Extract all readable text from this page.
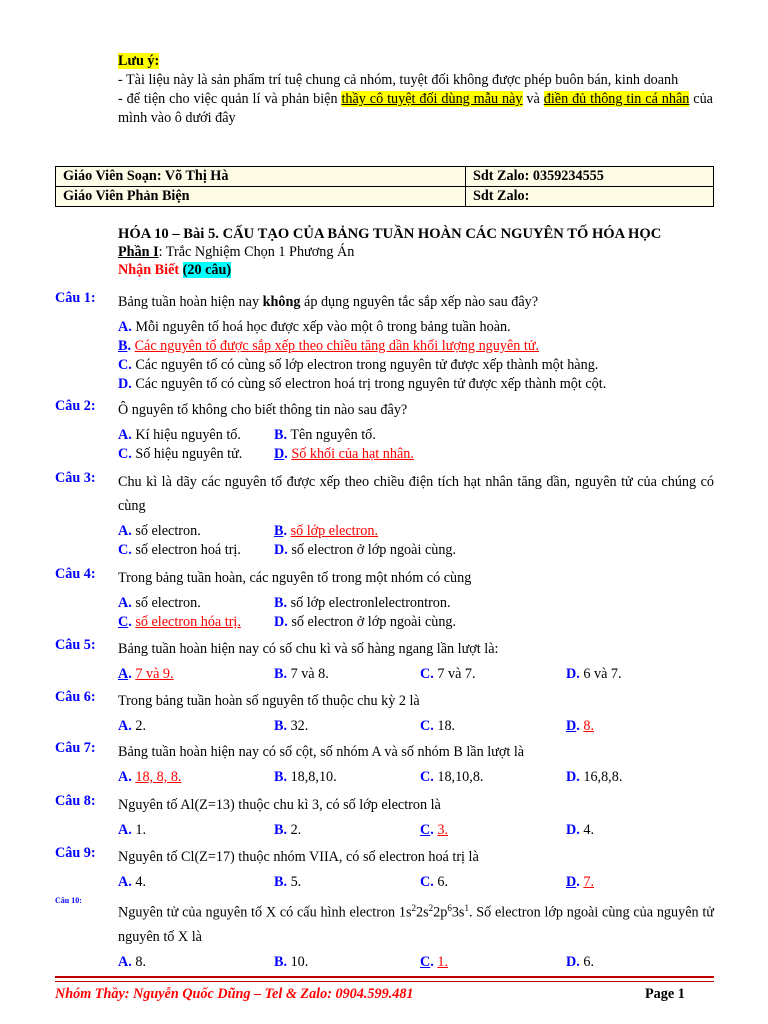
Lưu ý:

- Tài liệu này là sản phẩm trí tuệ chung cả nhóm, tuyệt đối không được phép buôn bán, kinh doanh

- để tiện cho việc quản lí và phản biện thầy cô tuyệt đối dùng mẫu này và điền đủ thông tin cá nhân của mình vào ô dưới đây

Giáo Viên Soạn: Võ Thị Hà	Sdt Zalo: 0359234555
Giáo Viên Phản Biện	Sdt Zalo:
HÓA 10 – Bài 5. CẤU TẠO CỦA BẢNG TUẦN HOÀN CÁC NGUYÊN TỐ HÓA HỌC
Phần I: Trắc Nghiệm Chọn 1 Phương Án
Nhận Biết (20 câu)
Câu 1:	Bảng tuần hoàn hiện nay không áp dụng nguyên tắc sắp xếp nào sau đây?
A. Mỗi nguyên tố hoá học được xếp vào một ô trong bảng tuần hoàn.
B. Các nguyên tố được sắp xếp theo chiều tăng dần khối lượng nguyên tử.
C. Các nguyên tố có cùng số lớp electron trong nguyên tử được xếp thành một hàng.
D. Các nguyên tố có cùng số electron hoá trị trong nguyên tử được xếp thành một cột.
Câu 2:	Ô nguyên tố không cho biết thông tin nào sau đây?
A. Kí hiệu nguyên tố. B. Tên nguyên tố.
C. Số hiệu nguyên tử. D. Số khối của hạt nhân.
Câu 3:	Chu kì là dãy các nguyên tố được xếp theo chiều điện tích hạt nhân tăng dần, nguyên tử của chúng có cùng
A. số electron.	B. số lớp electron.
C. số electron hoá trị. D. số electron ở lớp ngoài cùng.
Câu 4:	Trong bảng tuần hoàn, các nguyên tố trong một nhóm có cùng
A. số electron.	B. số lớp electronlelectrontron.
C. số electron hóa trị. D. số electron ở lớp ngoài cùng.
Câu 5:	Bảng tuần hoàn hiện nay có số chu kì và số hàng ngang lần lượt là:
A. 7 và 9.	B. 7 và 8.	C. 7 và 7.	D. 6 và 7.
Câu 6:	Trong bảng tuần hoàn số nguyên tố thuộc chu kỳ 2 là
A. 2.	B. 32.	C. 18.	D. 8.
Câu 7:	Bảng tuần hoàn hiện nay có số cột, số nhóm A và số nhóm B lần lượt là
A. 18, 8, 8.	B. 18,8,10.	C. 18,10,8.	D. 16,8,8.
Câu 8:	Nguyên tố Al(Z=13) thuộc chu kì 3, có số lớp electron là
A. 1.	B. 2.	C. 3.	D. 4.
Câu 9:	Nguyên tố Cl(Z=17) thuộc nhóm VIIA, có số electron hoá trị là
A. 4.	B. 5.	C. 6.	D. 7.
Câu 10:
Nguyên tử của nguyên tố X có cấu hình electron $1s^22s^22p^63s^1$. Số electron lớp ngoài cùng của nguyên tử nguyên tố X là
A. 8.	B. 10.	C. 1.	D. 6.
Nhóm Thầy: Nguyễn Quốc Dũng – Tel & Zalo: 0904.599.481	Page 1
